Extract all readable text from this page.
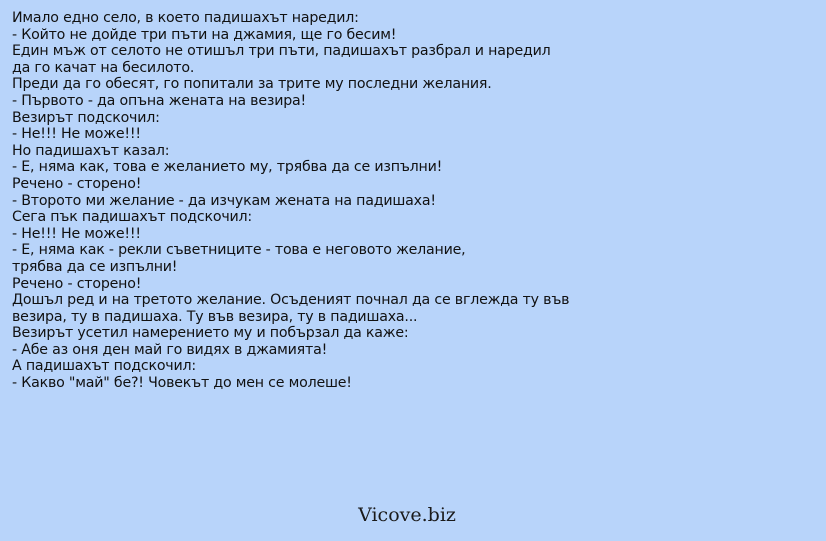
Имало едно село, в което падишахът наредил:
- Който не дойде три пъти на джамия, ще го бесим!
Един мъж от селото не отишъл три пъти, падишахът разбрал и наредил
да го качат на бесилото.
Преди да го обесят, го попитали за трите му последни желания.
- Първото - да опъна жената на везира!
Везирът подскочил:
- Не!!! Не може!!!
Но падишахът казал:
- Е, няма как, това е желанието му, трябва да се изпълни!
Речено - сторено!
- Второто ми желание - да изчукам жената на падишаха!
Сега пък падишахът подскочил:
- Не!!! Не може!!!
- Е, няма как - рекли съветниците - това е неговото желание,
трябва да се изпълни!
Речено - сторено!
Дошъл ред и на третото желание. Осъденият почнал да се вглежда ту във
везира, ту в падишаха. Ту във везира, ту в падишаха...
Везирът усетил намерението му и побързал да каже:
- Абе аз оня ден май го видях в джамията!
А падишахът подскочил:
- Какво "май" бе?! Човекът до мен се молеше!
Vicove.biz
